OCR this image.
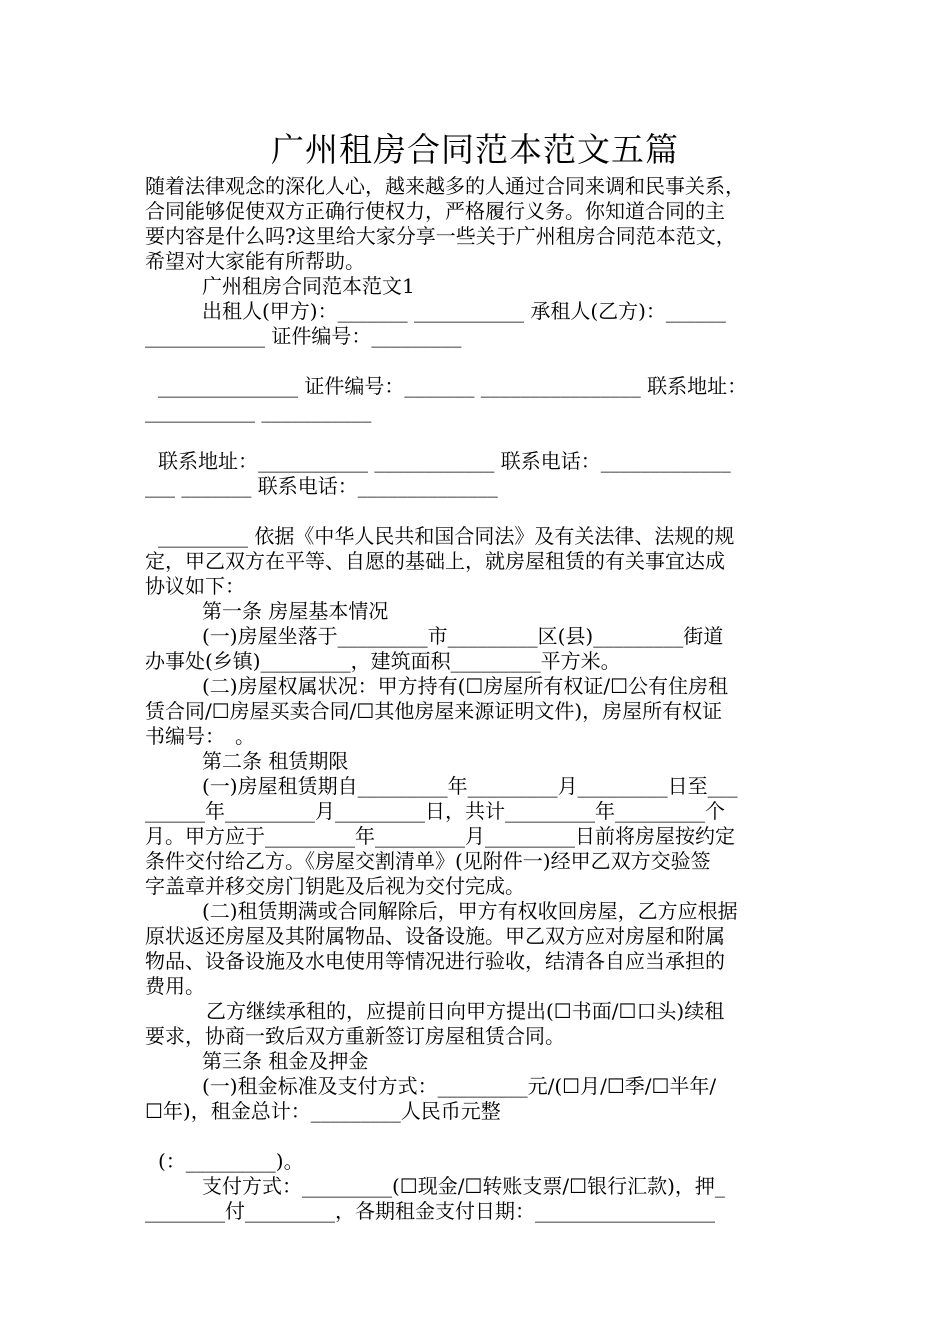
广州租房合同范本范文五篇
随着法律观念的深化人心，越来越多的人通过合同来调和民事关系，
合同能够促使双方正确行使权力，严格履行义务。你知道合同的主
要内容是什么吗?这里给大家分享一些关于广州租房合同范本范文，
希望对大家能有所帮助。
广州租房合同范本范文1
出租人(甲方)：_______ ___________ 承租人(乙方)：______
____________ 证件编号：_________
______________ 证件编号：_______ ________________ 联系地址：
___________ ___________
联系地址：___________ ____________ 联系电话：_____________
___ _______ 联系电话：______________
_________ 依据《中华人民共和国合同法》及有关法律、法规的规
定，甲乙双方在平等、自愿的基础上，就房屋租赁的有关事宜达成
协议如下：
第一条 房屋基本情况
(一)房屋坐落于_________市_________区(县)_________街道
办事处(乡镇)_________，建筑面积_________平方米。
(二)房屋权属状况：甲方持有(☐房屋所有权证/☐公有住房租
赁合同/☐房屋买卖合同/☐其他房屋来源证明文件)，房屋所有权证
书编号：　。
第二条 租赁期限
(一)房屋租赁期自_________年_________月_________日至___
______年_________月_________日，共计_________年_________个
月。甲方应于_________年_________月_________日前将房屋按约定
条件交付给乙方。《房屋交割清单》(见附件一)经甲乙双方交验签
字盖章并移交房门钥匙及后视为交付完成。
(二)租赁期满或合同解除后，甲方有权收回房屋，乙方应根据
原状返还房屋及其附属物品、设备设施。甲乙双方应对房屋和附属
物品、设备设施及水电使用等情况进行验收，结清各自应当承担的
费用。
乙方继续承租的，应提前日向甲方提出(☐书面/☐口头)续租
要求，协商一致后双方重新签订房屋租赁合同。
第三条 租金及押金
(一)租金标准及支付方式：_________元/(☐月/☐季/☐半年/
☐年)，租金总计：_________人民币元整
(：_________)。
支付方式：_________(☐现金/☐转账支票/☐银行汇款)，押_
________付_________，各期租金支付日期：__________________
